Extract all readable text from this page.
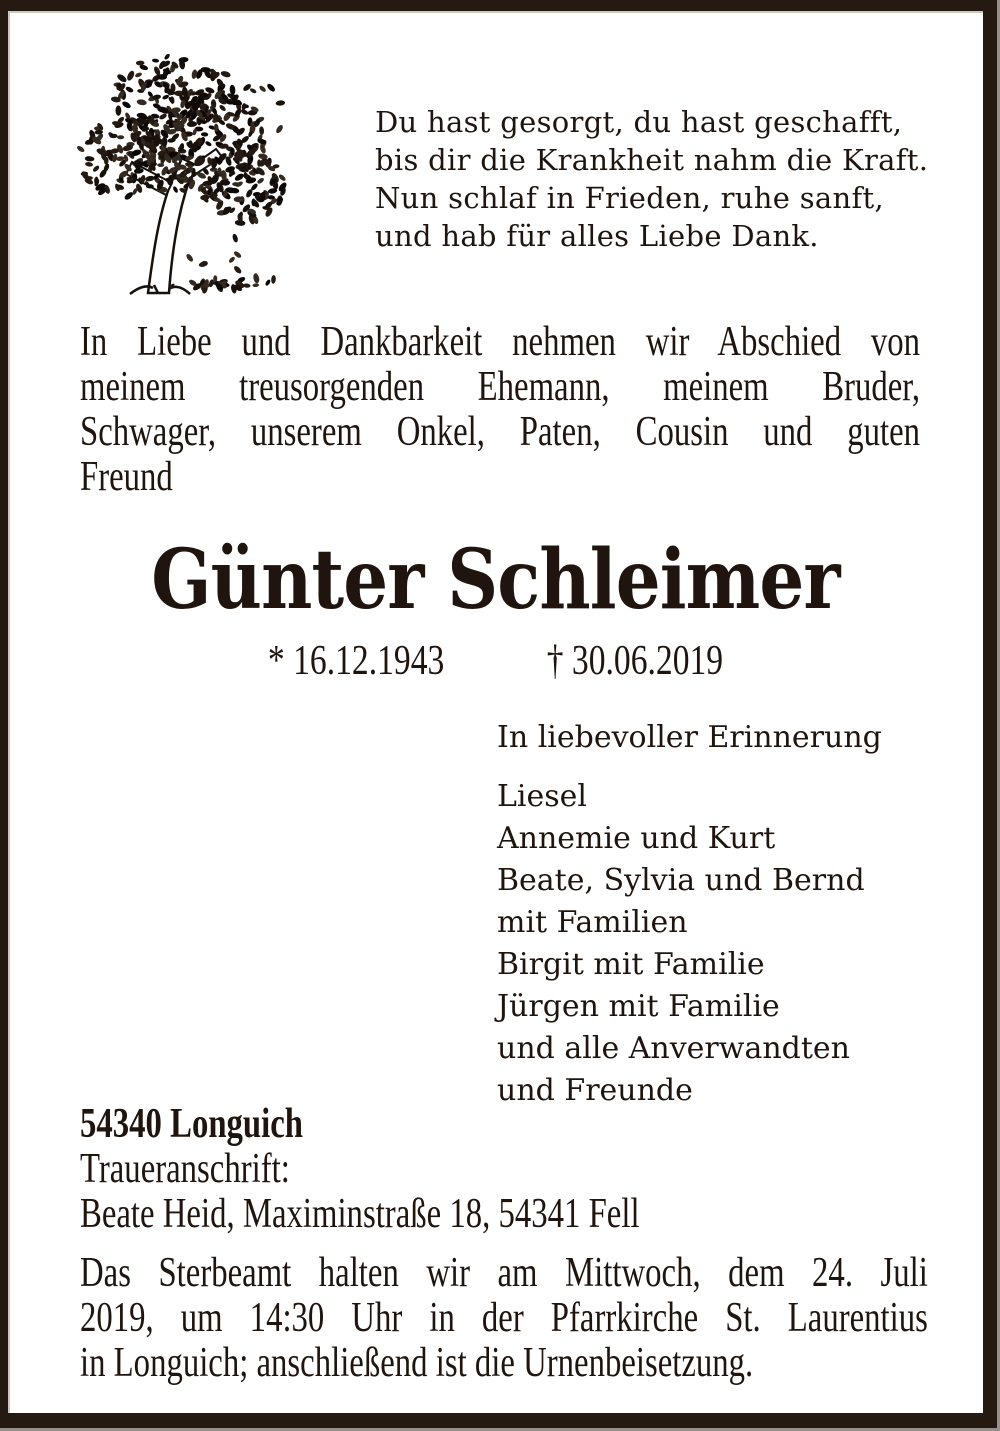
Du hast gesorgt, du hast geschafft,
bis dir die Krankheit nahm die Kraft.
Nun schlaf in Frieden, ruhe sanft,
und hab für alles Liebe Dank.
In Liebe und Dankbarkeit nehmen wir Abschied von
meinem treusorgenden Ehemann, meinem Bruder,
Schwager, unserem Onkel, Paten, Cousin und guten
Freund
Günter Schleimer
* 16.12.1943 † 30.06.2019
In liebevoller Erinnerung
Liesel
Annemie und Kurt
Beate, Sylvia und Bernd
mit Familien
Birgit mit Familie
Jürgen mit Familie
und alle Anverwandten
und Freunde
54340 Longuich
Traueranschrift:
Beate Heid, Maximinstraße 18, 54341 Fell
Das Sterbeamt halten wir am Mittwoch, dem 24. Juli
2019, um 14:30 Uhr in der Pfarrkirche St. Laurentius
in Longuich; anschließend ist die Urnenbeisetzung.
